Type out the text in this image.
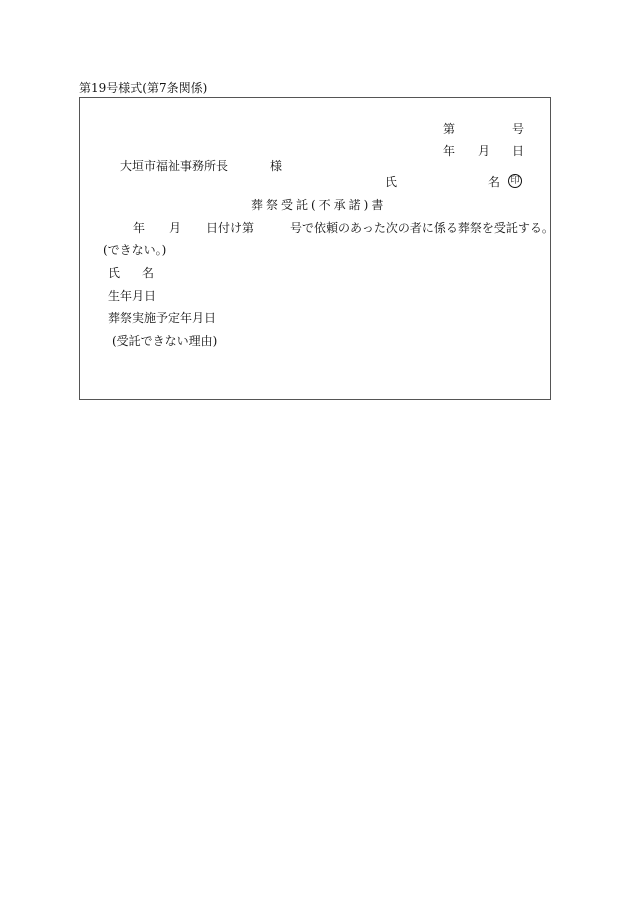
第19号様式(第7条関係)
第	号
年 月 日
大垣市福祉事務所長	様
氏	名 印
葬祭受託(不承諾)書
年 月 日付け第	号で依頼のあった次の者に係る葬祭を受託する。
(できない。)
氏 名
生年月日
葬祭実施予定年月日
(受託できない理由)
